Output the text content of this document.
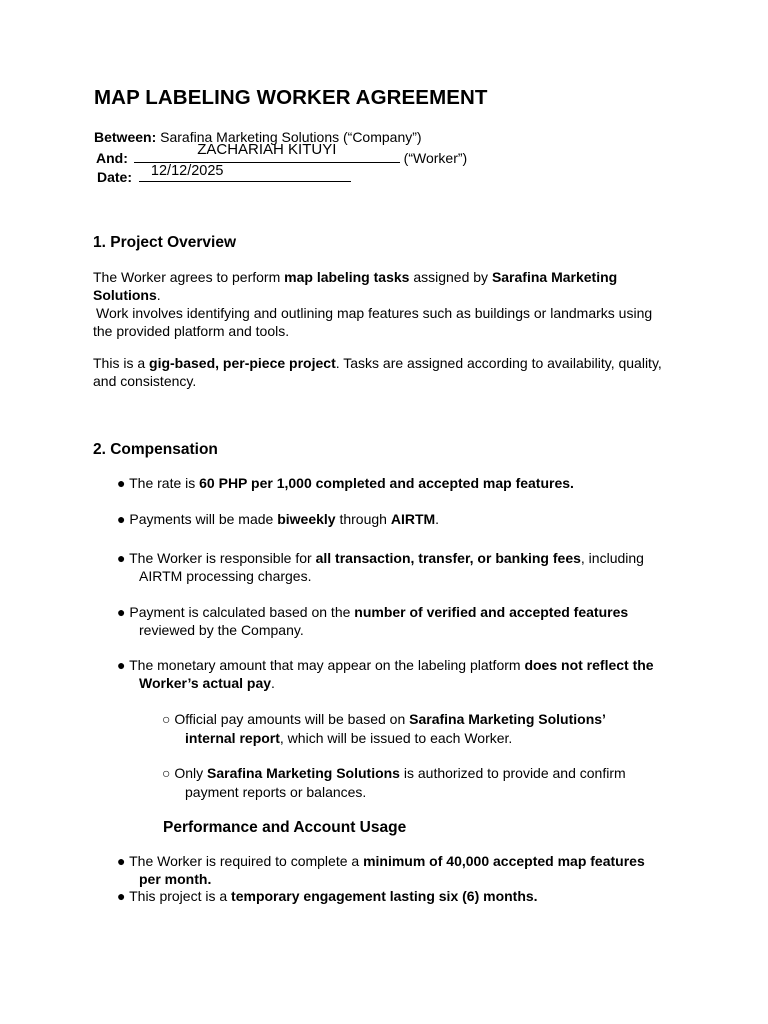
MAP LABELING WORKER AGREEMENT
Between: Sarafina Marketing Solutions (“Company”)
And:	ZACHARIAH KITUYI	(“Worker”)
Date: 12/12/2025
1. Project Overview
The Worker agrees to perform map labeling tasks assigned by Sarafina Marketing Solutions.
Work involves identifying and outlining map features such as buildings or landmarks using the provided platform and tools.
This is a gig-based, per-piece project. Tasks are assigned according to availability, quality, and consistency.
2. Compensation
● The rate is 60 PHP per 1,000 completed and accepted map features.
● Payments will be made biweekly through AIRTM.
● The Worker is responsible for all transaction, transfer, or banking fees, including
AIRTM processing charges.
● Payment is calculated based on the number of verified and accepted features
reviewed by the Company.
● The monetary amount that may appear on the labeling platform does not reflect the
Worker’s actual pay.
○ Official pay amounts will be based on Sarafina Marketing Solutions’
internal report, which will be issued to each Worker.
○ Only Sarafina Marketing Solutions is authorized to provide and confirm
payment reports or balances.
Performance and Account Usage
● The Worker is required to complete a minimum of 40,000 accepted map features
per month.
● This project is a temporary engagement lasting six (6) months.
